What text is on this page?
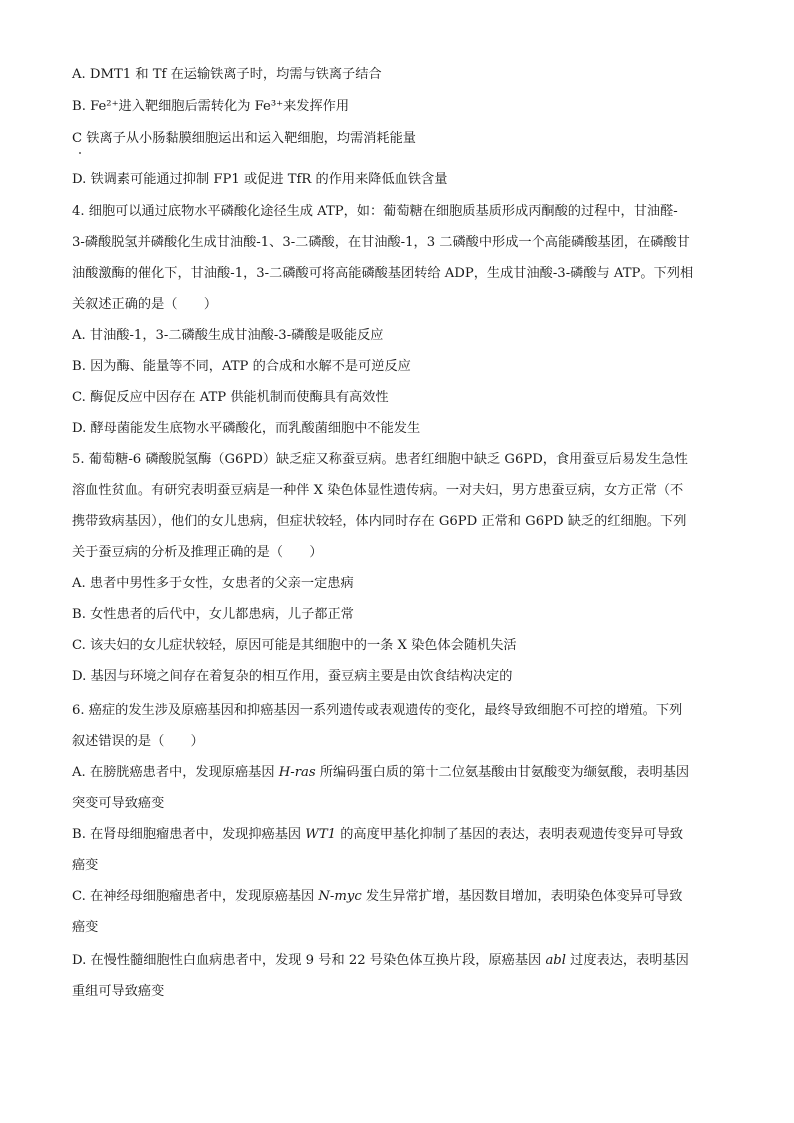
A. DMT1 和 Tf 在运输铁离子时，均需与铁离子结合
B. Fe²⁺进入靶细胞后需转化为 Fe³⁺来发挥作用
C 铁离子从小肠黏膜细胞运出和运入靶细胞，均需消耗能量
D. 铁调素可能通过抑制 FP1 或促进 TfR 的作用来降低血铁含量
4. 细胞可以通过底物水平磷酸化途径生成 ATP，如：葡萄糖在细胞质基质形成丙酮酸的过程中，甘油醛-
3-磷酸脱氢并磷酸化生成甘油酸-1、3-二磷酸，在甘油酸-1，3 二磷酸中形成一个高能磷酸基团，在磷酸甘
油酸激酶的催化下，甘油酸-1，3-二磷酸可将高能磷酸基团转给 ADP，生成甘油酸-3-磷酸与 ATP。下列相
关叙述正确的是（　　）
A. 甘油酸-1，3-二磷酸生成甘油酸-3-磷酸是吸能反应
B. 因为酶、能量等不同，ATP 的合成和水解不是可逆反应
C. 酶促反应中因存在 ATP 供能机制而使酶具有高效性
D. 酵母菌能发生底物水平磷酸化，而乳酸菌细胞中不能发生
5. 葡萄糖-6 磷酸脱氢酶（G6PD）缺乏症又称蚕豆病。患者红细胞中缺乏 G6PD，食用蚕豆后易发生急性
溶血性贫血。有研究表明蚕豆病是一种伴 X 染色体显性遗传病。一对夫妇，男方患蚕豆病，女方正常（不
携带致病基因），他们的女儿患病，但症状较轻，体内同时存在 G6PD 正常和 G6PD 缺乏的红细胞。下列
关于蚕豆病的分析及推理正确的是（　　）
A. 患者中男性多于女性，女患者的父亲一定患病
B. 女性患者的后代中，女儿都患病，儿子都正常
C. 该夫妇的女儿症状较轻，原因可能是其细胞中的一条 X 染色体会随机失活
D. 基因与环境之间存在着复杂的相互作用，蚕豆病主要是由饮食结构决定的
6. 癌症的发生涉及原癌基因和抑癌基因一系列遗传或表观遗传的变化，最终导致细胞不可控的增殖。下列
叙述错误的是（　　）
A. 在膀胱癌患者中，发现原癌基因 H-ras 所编码蛋白质的第十二位氨基酸由甘氨酸变为缬氨酸，表明基因
突变可导致癌变
B. 在肾母细胞瘤患者中，发现抑癌基因 WT1 的高度甲基化抑制了基因的表达，表明表观遗传变异可导致
癌变
C. 在神经母细胞瘤患者中，发现原癌基因 N-myc 发生异常扩增，基因数目增加，表明染色体变异可导致
癌变
D. 在慢性髓细胞性白血病患者中，发现 9 号和 22 号染色体互换片段，原癌基因 abl 过度表达，表明基因
重组可导致癌变
